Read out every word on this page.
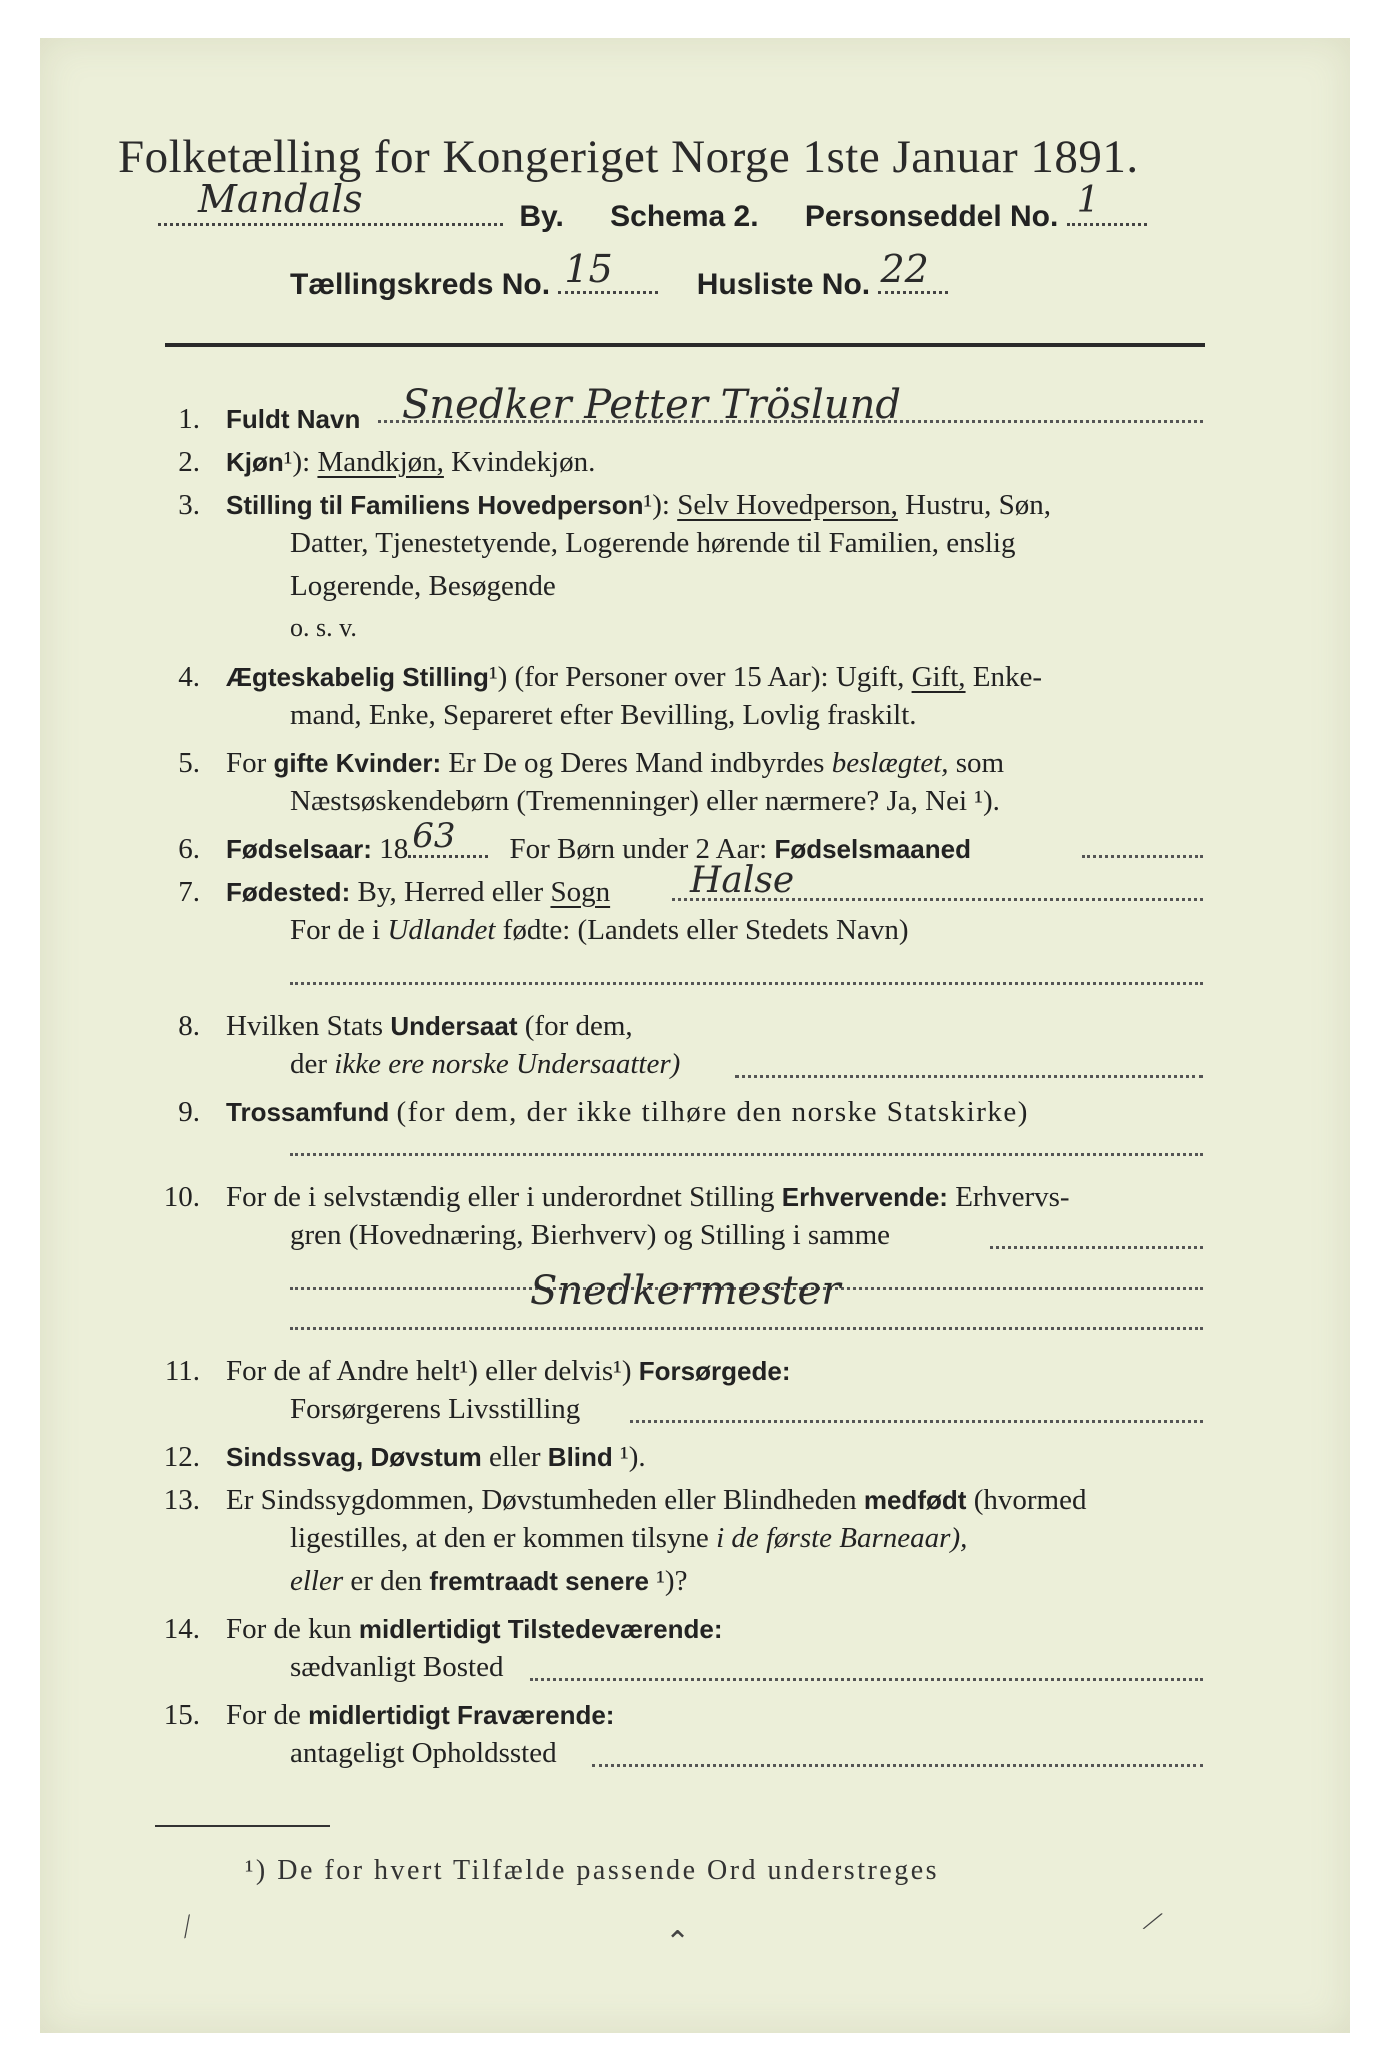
Folketælling for Kongeriget Norge 1ste Januar 1891.
Mandals	By. Schema 2. Personseddel No. 1
Tællingskreds No. 15	Husliste No. 22
1. Fuldt Navn Snedker Petter Tröslund
2. Kjøn¹): Mandkjøn, Kvindekjøn.
3. Stilling til Familiens Hovedperson¹): Selv Hovedperson, Hustru, Søn,
Datter, Tjenestetyende, Logerende hørende til Familien, enslig
Logerende, Besøgende
o. s. v.
4. Ægteskabelig Stilling¹) (for Personer over 15 Aar): Ugift, Gift, Enke-
mand, Enke, Separeret efter Bevilling, Lovlig fraskilt.
5. For gifte Kvinder: Er De og Deres Mand indbyrdes beslægtet, som
Næstsøskendebørn (Tremenninger) eller nærmere? Ja, Nei ¹).
6. Fødselsaar: 18 63 For Børn under 2 Aar: Fødselsmaaned
7. Fødested: By, Herred eller Sogn Halse
For de i Udlandet fødte: (Landets eller Stedets Navn)
8. Hvilken Stats Undersaat (for dem,
der ikke ere norske Undersaatter)
9. Trossamfund (for dem, der ikke tilhøre den norske Statskirke)
10. For de i selvstændig eller i underordnet Stilling Erhvervende: Erhvervs-
gren (Hovednæring, Bierhverv) og Stilling i samme
Snedkermester
11. For de af Andre helt¹) eller delvis¹) Forsørgede:
Forsørgerens Livsstilling
12. Sindssvag, Døvstum eller Blind ¹).
13. Er Sindssygdommen, Døvstumheden eller Blindheden medfødt (hvormed
ligestilles, at den er kommen tilsyne i de første Barneaar),
eller er den fremtraadt senere ¹)?
14. For de kun midlertidigt Tilstedeværende:
sædvanligt Bosted
15. For de midlertidigt Fraværende:
antageligt Opholdssted
¹) De for hvert Tilfælde passende Ord understreges
⁄	⌃
⁄
